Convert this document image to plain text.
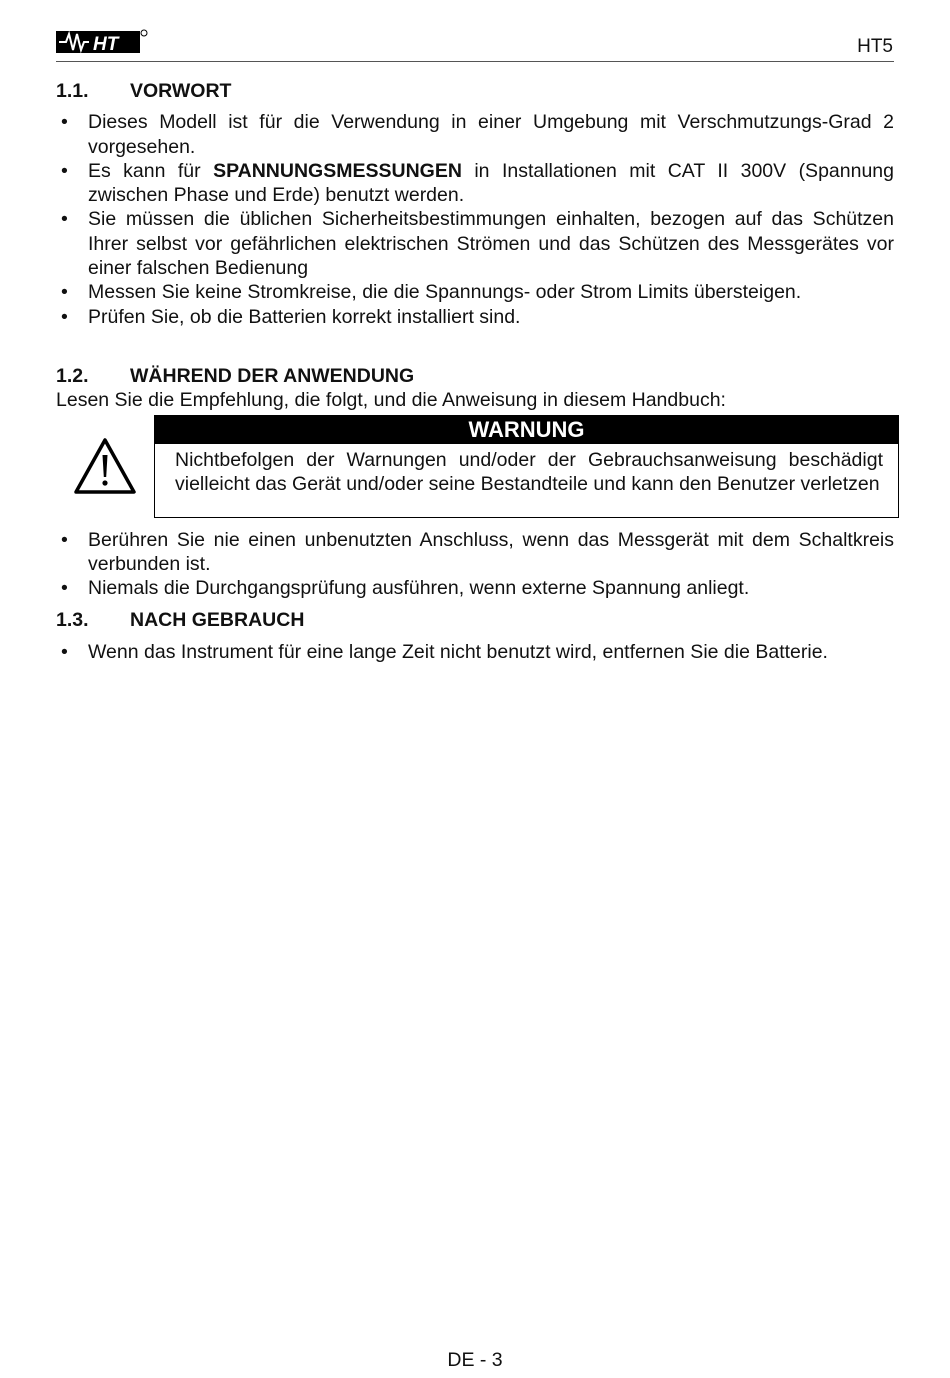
HT	HT5
1.1.	VORWORT
• Dieses Modell ist für die Verwendung in einer Umgebung mit Verschmutzungs-Grad 2 vorgesehen.
• Es kann für SPANNUNGSMESSUNGEN in Installationen mit CAT II 300V (Spannung zwischen Phase und Erde) benutzt werden.
• Sie müssen die üblichen Sicherheitsbestimmungen einhalten, bezogen auf das Schützen Ihrer selbst vor gefährlichen elektrischen Strömen und das Schützen des Messgerätes vor einer falschen Bedienung
• Messen Sie keine Stromkreise, die die Spannungs- oder Strom Limits übersteigen.
• Prüfen Sie, ob die Batterien korrekt installiert sind.
1.2.	WÄHREND DER ANWENDUNG
Lesen Sie die Empfehlung, die folgt, und die Anweisung in diesem Handbuch:
WARNUNG
Nichtbefolgen der Warnungen und/oder der Gebrauchsanweisung beschädigt vielleicht das Gerät und/oder seine Bestandteile und kann den Benutzer verletzen
• Berühren Sie nie einen unbenutzten Anschluss, wenn das Messgerät mit dem Schaltkreis verbunden ist.
• Niemals die Durchgangsprüfung ausführen, wenn externe Spannung anliegt.
1.3.	NACH GEBRAUCH
• Wenn das Instrument für eine lange Zeit nicht benutzt wird, entfernen Sie die Batterie.
DE - 3
